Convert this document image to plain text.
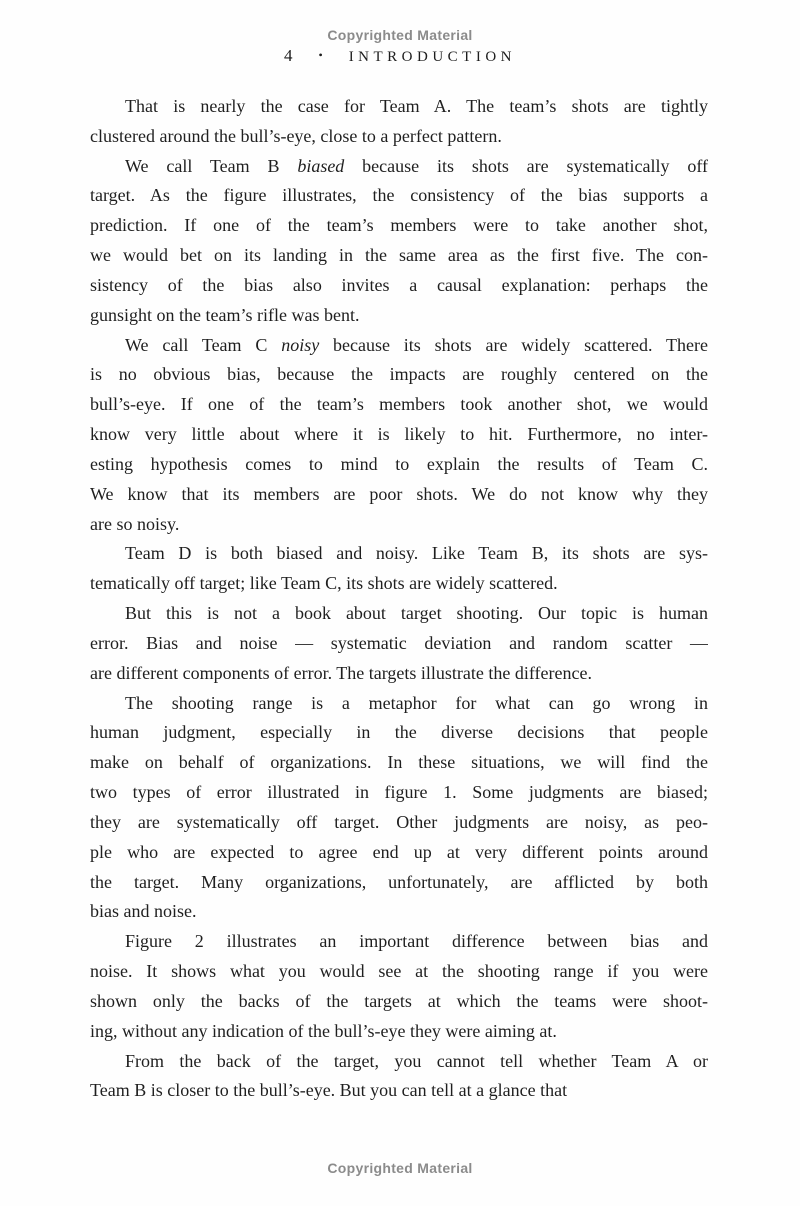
Copyrighted Material
4 • INTRODUCTION
That is nearly the case for Team A. The team’s shots are tightly
clustered around the bull’s-eye, close to a perfect pattern.
We call Team B biased because its shots are systematically off
target. As the figure illustrates, the consistency of the bias supports a
prediction. If one of the team’s members were to take another shot,
we would bet on its landing in the same area as the first five. The con-
sistency of the bias also invites a causal explanation: perhaps the
gunsight on the team’s rifle was bent.
We call Team C noisy because its shots are widely scattered. There
is no obvious bias, because the impacts are roughly centered on the
bull’s-eye. If one of the team’s members took another shot, we would
know very little about where it is likely to hit. Furthermore, no inter-
esting hypothesis comes to mind to explain the results of Team C.
We know that its members are poor shots. We do not know why they
are so noisy.
Team D is both biased and noisy. Like Team B, its shots are sys-
tematically off target; like Team C, its shots are widely scattered.
But this is not a book about target shooting. Our topic is human
error. Bias and noise — systematic deviation and random scatter —
are different components of error. The targets illustrate the difference.
The shooting range is a metaphor for what can go wrong in
human judgment, especially in the diverse decisions that people
make on behalf of organizations. In these situations, we will find the
two types of error illustrated in figure 1. Some judgments are biased;
they are systematically off target. Other judgments are noisy, as peo-
ple who are expected to agree end up at very different points around
the target. Many organizations, unfortunately, are afflicted by both
bias and noise.
Figure 2 illustrates an important difference between bias and
noise. It shows what you would see at the shooting range if you were
shown only the backs of the targets at which the teams were shoot-
ing, without any indication of the bull’s-eye they were aiming at.
From the back of the target, you cannot tell whether Team A or
Team B is closer to the bull’s-eye. But you can tell at a glance that
Copyrighted Material
